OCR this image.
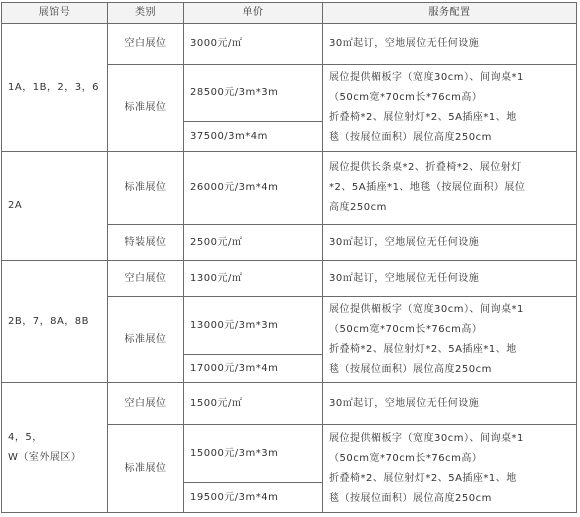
展馆号	类别	单价	服务配置
1A，1B，2，3，6	空白展位	3000元/㎡	30㎡起订，空地展位无任何设施

	标准展位	28500元/3m*3m	展位提供楣板字（宽度30cm）、间询桌*1
（50cm宽*70cm长*76cm高）
折叠椅*2、展位射灯*2、5A插座*1、地
毯（按展位面积）展位高度250cm

		37500/3m*4m	

2A	标准展位	26000元/3m*4m	展位提供长条桌*2、折叠椅*2、展位射灯
*2、5A插座*1、地毯（按展位面积）展位
高度250cm

	特装展位	2500元/㎡	30㎡起订，空地展位无任何设施

2B，7，8A，8B	空白展位	1300元/㎡	30㎡起订，空地展位无任何设施

	标准展位	13000元/3m*3m	展位提供楣板字（宽度30cm）、间询桌*1
（50cm宽*70cm长*76cm高）
折叠椅*2、展位射灯*2、5A插座*1、地
毯（按展位面积）展位高度250cm

		17000元/3m*4m	

4，5，
W（室外展区）	空白展位	1500元/㎡	30㎡起订，空地展位无任何设施

	标准展位	15000元/3m*3m	展位提供楣板字（宽度30cm）、间询桌*1
（50cm宽*70cm长*76cm高）
折叠椅*2、展位射灯*2、5A插座*1、地
毯（按展位面积）展位高度250cm

		19500元/3m*4m	
